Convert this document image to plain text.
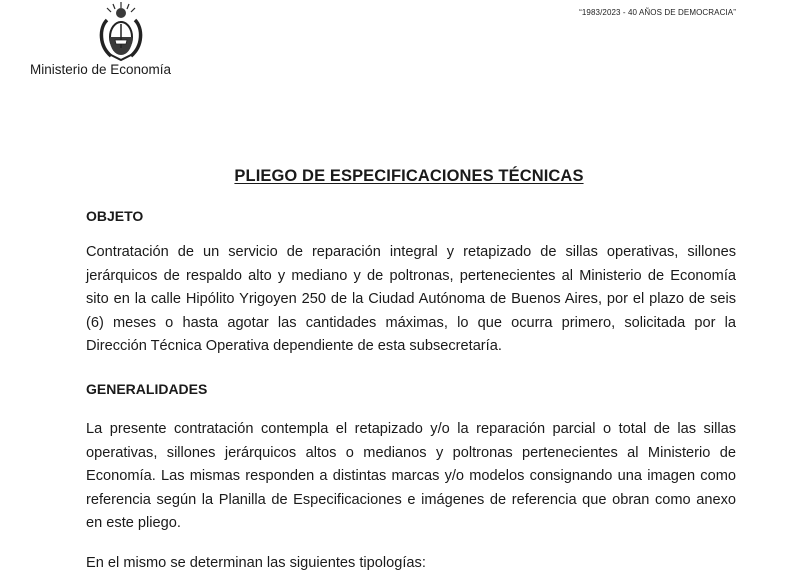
Ministerio de Economía
“1983/2023 - 40 AÑOS DE DEMOCRACIA”
PLIEGO DE ESPECIFICACIONES TÉCNICAS
OBJETO
Contratación de un servicio de reparación integral y retapizado de sillas operativas, sillones
jerárquicos de respaldo alto y mediano y de poltronas, pertenecientes al Ministerio de Economía
sito en la calle Hipólito Yrigoyen 250 de la Ciudad Autónoma de Buenos Aires, por el plazo de seis
(6) meses o hasta agotar las cantidades máximas, lo que ocurra primero, solicitada por la
Dirección Técnica Operativa dependiente de esta subsecretaría.
GENERALIDADES
La presente contratación contempla el retapizado y/o la reparación parcial o total de las sillas
operativas, sillones jerárquicos altos o medianos y poltronas pertenecientes al Ministerio de
Economía. Las mismas responden a distintas marcas y/o modelos consignando una imagen como
referencia según la Planilla de Especificaciones e imágenes de referencia que obran como anexo
en este pliego.
En el mismo se determinan las siguientes tipologías:
